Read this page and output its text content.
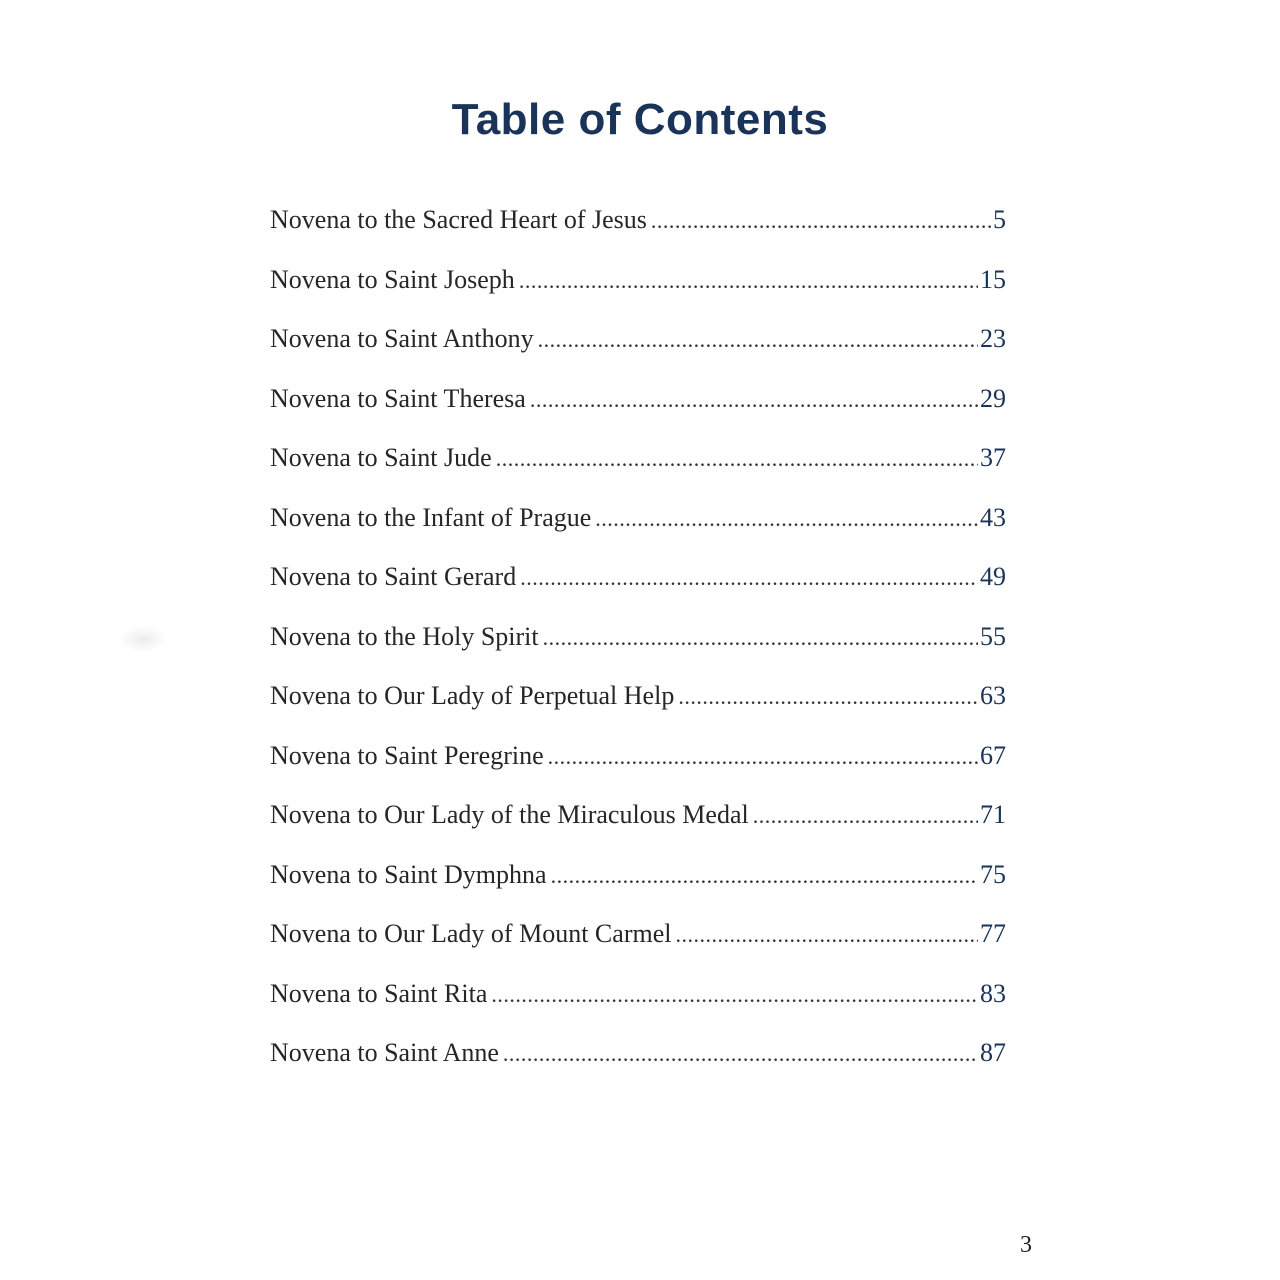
Table of Contents
Novena to the Sacred Heart of Jesus .....	5
Novena to Saint Joseph .....	15
Novena to Saint Anthony .....	23
Novena to Saint Theresa .....	29
Novena to Saint Jude .....	37
Novena to the Infant of Prague .....	43
Novena to Saint Gerard .....	49
Novena to the Holy Spirit .....	55
Novena to Our Lady of Perpetual Help .....	63
Novena to Saint Peregrine .....	67
Novena to Our Lady of the Miraculous Medal .....	71
Novena to Saint Dymphna .....	75
Novena to Our Lady of Mount Carmel .....	77
Novena to Saint Rita .....	83
Novena to Saint Anne .....	87
3
